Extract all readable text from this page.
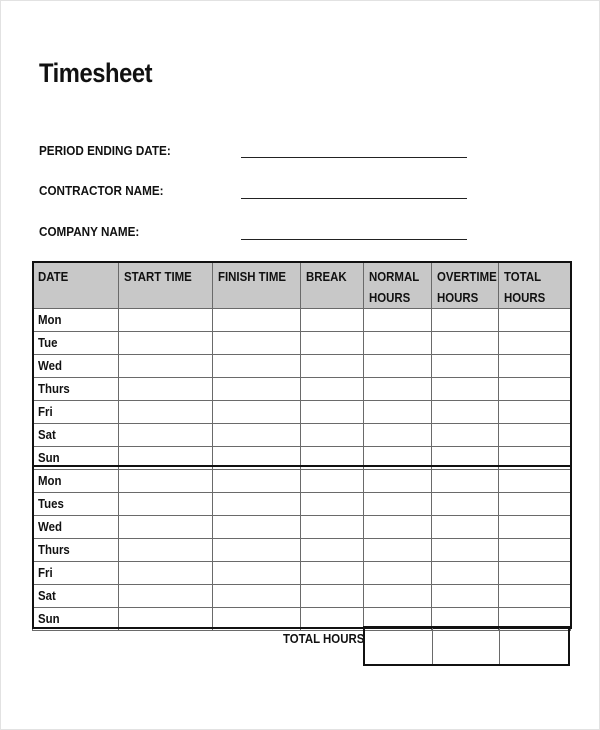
Timesheet
PERIOD ENDING DATE:
CONTRACTOR NAME:
COMPANY NAME:
DATE	START TIME	FINISH TIME	BREAK	NORMAL HOURS	OVERTIME HOURS	TOTAL HOURS
Mon						
Tue						
Wed						
Thurs						
Fri						
Sat						
Sun						
Mon						
Tues						
Wed						
Thurs						
Fri						
Sat						
Sun						
TOTAL HOURS
